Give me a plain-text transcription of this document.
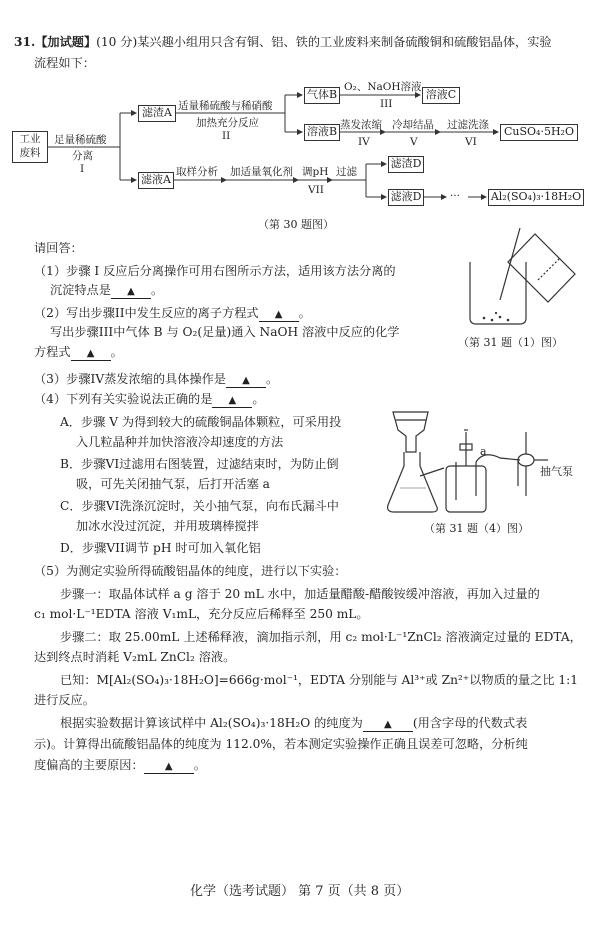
31.【加试题】(10 分)某兴趣小组用只含有铜、铝、铁的工业废料来制备硫酸铜和硫酸铝晶体，实验
流程如下：
工业
废料
足量稀硫酸
分离
I
滤渣A
滤液A
适量稀硫酸与稀硝酸
加热充分反应
II
气体B
O₂、NaOH溶液
III
溶液C
溶液B 蒸发浓缩
IV
冷却结晶
V
过滤洗涤
VI
CuSO₄·5H₂O
取样分析 加适量氧化剂 调pH
VII
过滤
滤渣D
滤液D	···	Al₂(SO₄)₃·18H₂O
（第 30 题图）
请回答：
（1）步骤 I 反应后分离操作可用右图所示方法，适用该方法分离的
沉淀特点是 ▲ 。
（2）写出步骤II中发生反应的离子方程式 ▲ 。
写出步骤III中气体 B 与 O₂(足量)通入 NaOH 溶液中反应的化学
方程式 ▲ 。
（第 31 题（1）图）
（3）步骤IV蒸发浓缩的具体操作是 ▲ 。
（4）下列有关实验说法正确的是 ▲ 。
A．步骤 V 为得到较大的硫酸铜晶体颗粒，可采用投
入几粒晶种并加快溶液冷却速度的方法
B．步骤VI过滤用右图装置，过滤结束时，为防止倒
吸，可先关闭抽气泵，后打开活塞 a
C．步骤VI洗涤沉淀时，关小抽气泵，向布氏漏斗中
加冰水没过沉淀，并用玻璃棒搅拌
D．步骤VII调节 pH 时可加入氧化铝
a
抽气泵
（第 31 题（4）图）
（5）为测定实验所得硫酸铝晶体的纯度，进行以下实验：
步骤一：取晶体试样 a g 溶于 20 mL 水中，加适量醋酸-醋酸铵缓冲溶液，再加入过量的
c₁ mol·L⁻¹EDTA 溶液 V₁mL，充分反应后稀释至 250 mL。
步骤二：取 25.00mL 上述稀释液，滴加指示剂，用 c₂ mol·L⁻¹ZnCl₂ 溶液滴定过量的 EDTA，
达到终点时消耗 V₂mL ZnCl₂ 溶液。
已知：M[Al₂(SO₄)₃·18H₂O]=666g·mol⁻¹，EDTA 分别能与 Al³⁺或 Zn²⁺以物质的量之比 1:1
进行反应。
根据实验数据计算该试样中 Al₂(SO₄)₃·18H₂O 的纯度为 ▲ (用含字母的代数式表
示)。计算得出硫酸铝晶体的纯度为 112.0%，若本测定实验操作正确且误差可忽略，分析纯
度偏高的主要原因： ▲ 。
化学（选考试题） 第 7 页（共 8 页）
